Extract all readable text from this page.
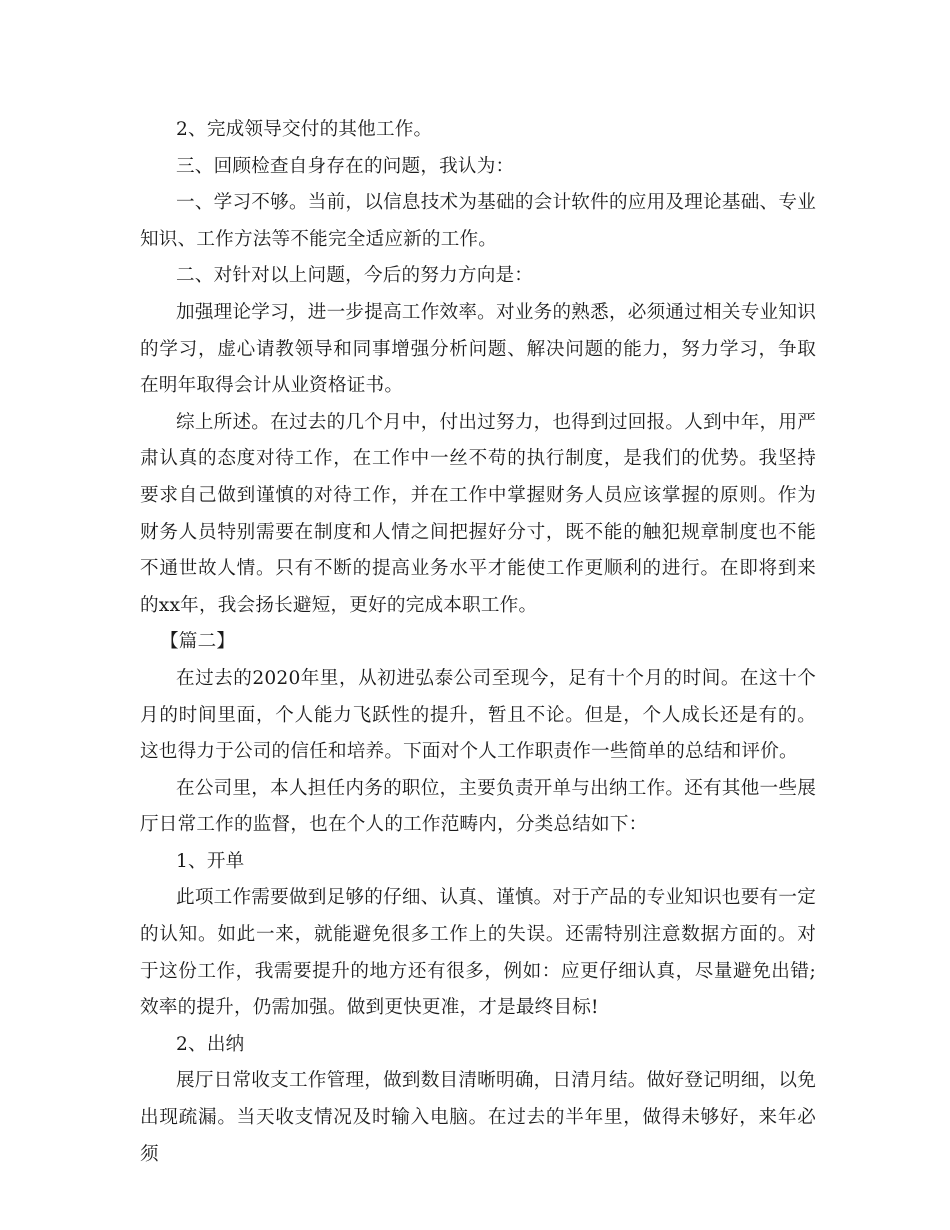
2、完成领导交付的其他工作。

三、回顾检查自身存在的问题，我认为：

一、学习不够。当前，以信息技术为基础的会计软件的应用及理论基础、专业知识、工作方法等不能完全适应新的工作。

二、对针对以上问题，今后的努力方向是：

加强理论学习，进一步提高工作效率。对业务的熟悉，必须通过相关专业知识的学习，虚心请教领导和同事增强分析问题、解决问题的能力，努力学习，争取在明年取得会计从业资格证书。

综上所述。在过去的几个月中，付出过努力，也得到过回报。人到中年，用严肃认真的态度对待工作，在工作中一丝不苟的执行制度，是我们的优势。我坚持要求自己做到谨慎的对待工作，并在工作中掌握财务人员应该掌握的原则。作为财务人员特别需要在制度和人情之间把握好分寸，既不能的触犯规章制度也不能不通世故人情。只有不断的提高业务水平才能使工作更顺利的进行。在即将到来的xx年，我会扬长避短，更好的完成本职工作。

【篇二】

在过去的2020年里，从初进弘泰公司至现今，足有十个月的时间。在这十个月的时间里面，个人能力飞跃性的提升，暂且不论。但是，个人成长还是有的。这也得力于公司的信任和培养。下面对个人工作职责作一些简单的总结和评价。

在公司里，本人担任内务的职位，主要负责开单与出纳工作。还有其他一些展厅日常工作的监督，也在个人的工作范畴内，分类总结如下：

1、开单

此项工作需要做到足够的仔细、认真、谨慎。对于产品的专业知识也要有一定的认知。如此一来，就能避免很多工作上的失误。还需特别注意数据方面的。对于这份工作，我需要提升的地方还有很多，例如：应更仔细认真，尽量避免出错;效率的提升，仍需加强。做到更快更准，才是最终目标!

2、出纳

展厅日常收支工作管理，做到数目清晰明确，日清月结。做好登记明细，以免出现疏漏。当天收支情况及时输入电脑。在过去的半年里，做得未够好，来年必须
